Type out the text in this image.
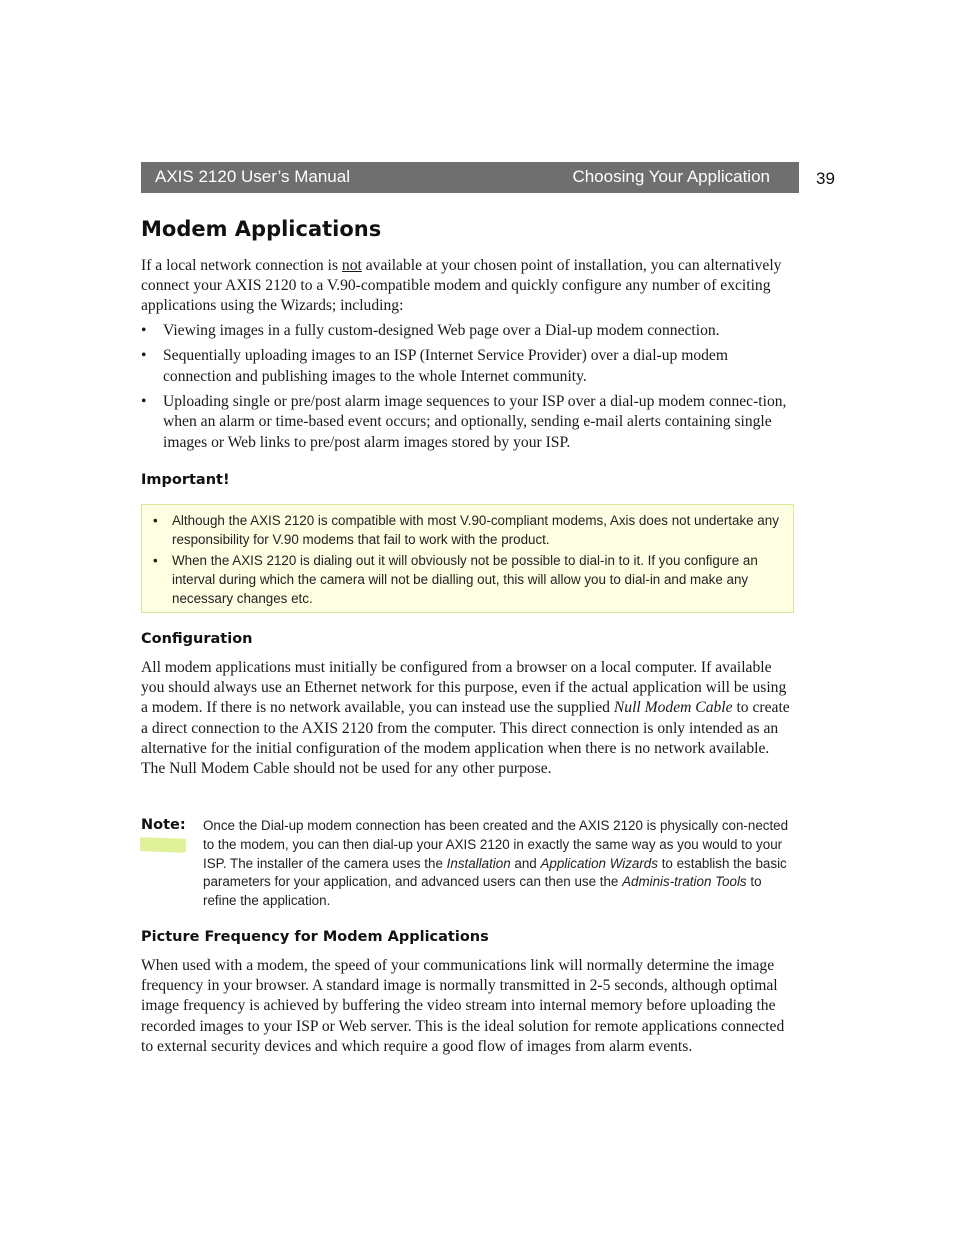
AXIS 2120 User’s Manual	Choosing Your Application	39
Modem Applications

If a local network connection is not available at your chosen point of installation, you can alternatively connect your AXIS 2120 to a V.90-compatible modem and quickly configure any number of exciting applications using the Wizards; including:

• Viewing images in a fully custom-designed Web page over a Dial-up modem connection.
• Sequentially uploading images to an ISP (Internet Service Provider) over a dial-up modem connection and publishing images to the whole Internet community.
• Uploading single or pre/post alarm image sequences to your ISP over a dial-up modem connec-tion, when an alarm or time-based event occurs; and optionally, sending e-mail alerts containing single images or Web links to pre/post alarm images stored by your ISP.
Important!
• Although the AXIS 2120 is compatible with most V.90-compliant modems, Axis does not undertake any responsibility for V.90 modems that fail to work with the product.
• When the AXIS 2120 is dialing out it will obviously not be possible to dial-in to it. If you configure an interval during which the camera will not be dialling out, this will allow you to dial-in and make any necessary changes etc.
Configuration

All modem applications must initially be configured from a browser on a local computer. If available you should always use an Ethernet network for this purpose, even if the actual application will be using a modem. If there is no network available, you can instead use the supplied Null Modem Cable to create a direct connection to the AXIS 2120 from the computer. This direct connection is only intended as an alternative for the initial configuration of the modem application when there is no network available. The Null Modem Cable should not be used for any other purpose.

Note: Once the Dial-up modem connection has been created and the AXIS 2120 is physically con-nected to the modem, you can then dial-up your AXIS 2120 in exactly the same way as you would to your ISP. The installer of the camera uses the Installation and Application Wizards to establish the basic parameters for your application, and advanced users can then use the Adminis-tration Tools to refine the application.

Picture Frequency for Modem Applications

When used with a modem, the speed of your communications link will normally determine the image frequency in your browser. A standard image is normally transmitted in 2-5 seconds, although optimal image frequency is achieved by buffering the video stream into internal memory before uploading the recorded images to your ISP or Web server. This is the ideal solution for remote applications connected to external security devices and which require a good flow of images from alarm events.
